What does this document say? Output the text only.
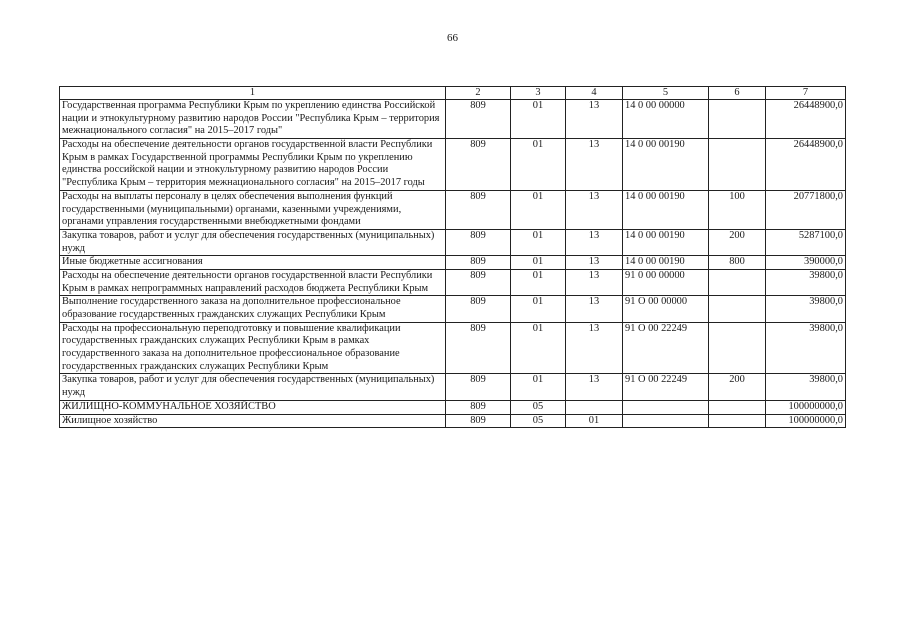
66
1	2	3	4	5	6	7
Государственная программа Республики Крым по укреплению единства Российской нации и этнокультурному развитию народов России "Республика Крым – территория межнационального согласия" на 2015–2017 годы"	809	01	13	14 0 00 00000		26448900,0
Расходы на обеспечение деятельности органов государственной власти Республики Крым в рамках Государственной программы Республики Крым по укреплению единства российской нации и этнокультурному развитию народов России "Республика Крым – территория межнационального согласия" на 2015–2017 годы	809	01	13	14 0 00 00190		26448900,0
Расходы на выплаты персоналу в целях обеспечения выполнения функций государственными (муниципальными) органами, казенными учреждениями, органами управления государственными внебюджетными фондами	809	01	13	14 0 00 00190	100	20771800,0
Закупка товаров, работ и услуг для обеспечения государственных (муниципальных) нужд	809	01	13	14 0 00 00190	200	5287100,0
Иные бюджетные ассигнования	809	01	13	14 0 00 00190	800	390000,0
Расходы на обеспечение деятельности органов государственной власти Республики Крым в рамках непрограммных направлений расходов бюджета Республики Крым	809	01	13	91 0 00 00000		39800,0
Выполнение государственного заказа на дополнительное профессиональное образование государственных гражданских служащих Республики Крым	809	01	13	91 О 00 00000		39800,0
Расходы на профессиональную переподготовку и повышение квалификации государственных гражданских служащих Республики Крым в рамках государственного заказа на дополнительное профессиональное образование государственных гражданских служащих Республики Крым	809	01	13	91 О 00 22249		39800,0
Закупка товаров, работ и услуг для обеспечения государственных (муниципальных) нужд	809	01	13	91 О 00 22249	200	39800,0
ЖИЛИЩНО-КОММУНАЛЬНОЕ ХОЗЯЙСТВО	809	05				100000000,0
Жилищное хозяйство	809	05	01			100000000,0
